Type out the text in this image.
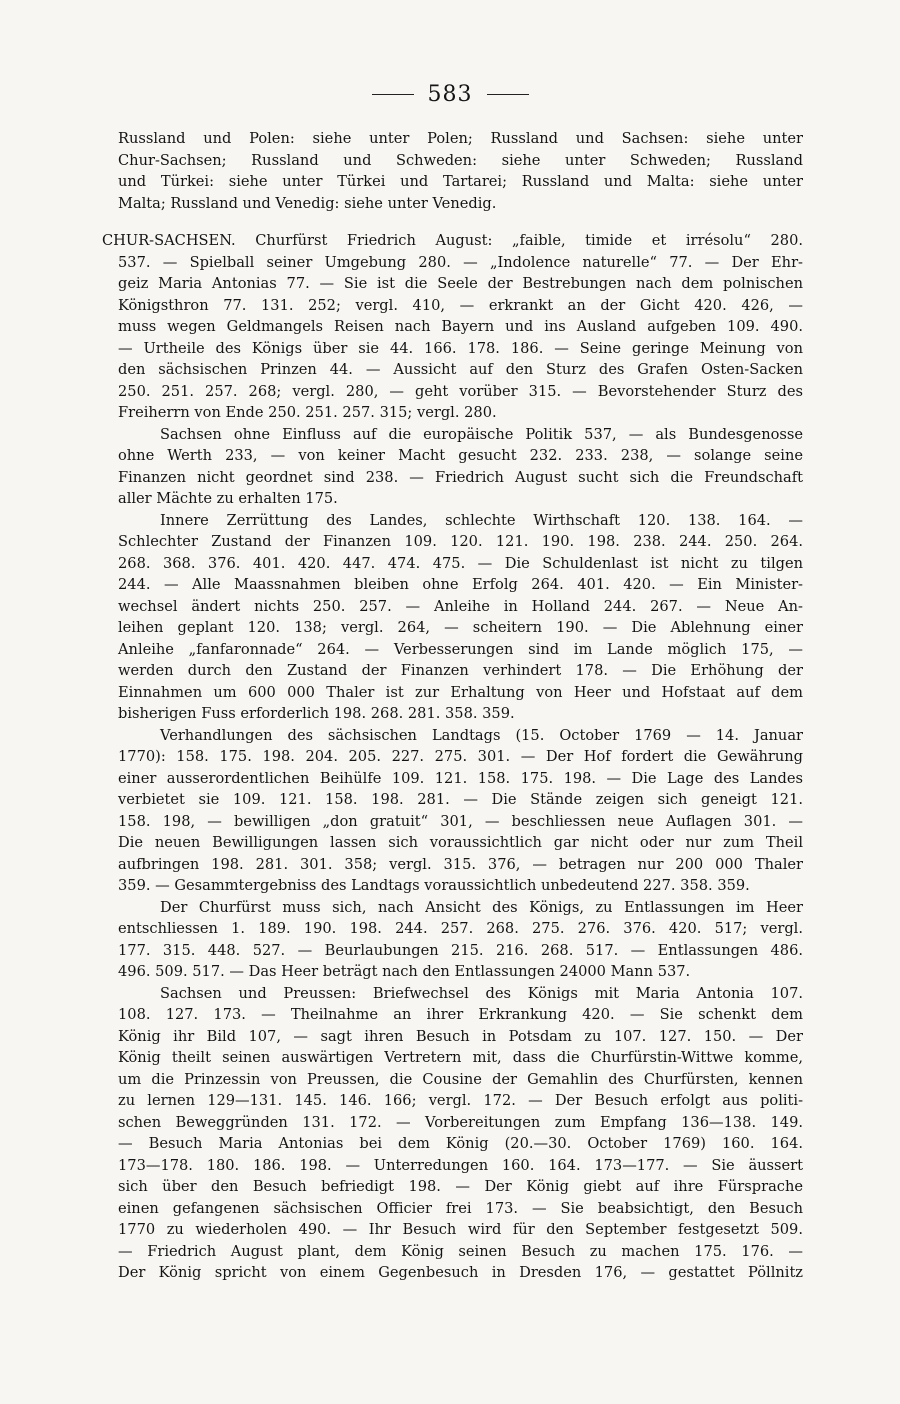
583
Russland und Polen: siehe unter Polen; Russland und Sachsen: siehe unter
Chur-Sachsen; Russland und Schweden: siehe unter Schweden; Russland
und Türkei: siehe unter Türkei und Tartarei; Russland und Malta: siehe unter
Malta; Russland und Venedig: siehe unter Venedig.
CHUR-SACHSEN. Churfürst Friedrich August: „faible, timide et irrésolu“ 280.
537. — Spielball seiner Umgebung 280. — „Indolence naturelle“ 77. — Der Ehr-
geiz Maria Antonias 77. — Sie ist die Seele der Bestrebungen nach dem polnischen
Königsthron 77. 131. 252; vergl. 410, — erkrankt an der Gicht 420. 426, —
muss wegen Geldmangels Reisen nach Bayern und ins Ausland aufgeben 109. 490.
— Urtheile des Königs über sie 44. 166. 178. 186. — Seine geringe Meinung von
den sächsischen Prinzen 44. — Aussicht auf den Sturz des Grafen Osten-Sacken
250. 251. 257. 268; vergl. 280, — geht vorüber 315. — Bevorstehender Sturz des
Freiherrn von Ende 250. 251. 257. 315; vergl. 280.
Sachsen ohne Einfluss auf die europäische Politik 537, — als Bundesgenosse
ohne Werth 233, — von keiner Macht gesucht 232. 233. 238, — solange seine
Finanzen nicht geordnet sind 238. — Friedrich August sucht sich die Freundschaft
aller Mächte zu erhalten 175.
Innere Zerrüttung des Landes, schlechte Wirthschaft 120. 138. 164. —
Schlechter Zustand der Finanzen 109. 120. 121. 190. 198. 238. 244. 250. 264.
268. 368. 376. 401. 420. 447. 474. 475. — Die Schuldenlast ist nicht zu tilgen
244. — Alle Maassnahmen bleiben ohne Erfolg 264. 401. 420. — Ein Minister-
wechsel ändert nichts 250. 257. — Anleihe in Holland 244. 267. — Neue An-
leihen geplant 120. 138; vergl. 264, — scheitern 190. — Die Ablehnung einer
Anleihe „fanfaronnade“ 264. — Verbesserungen sind im Lande möglich 175, —
werden durch den Zustand der Finanzen verhindert 178. — Die Erhöhung der
Einnahmen um 600 000 Thaler ist zur Erhaltung von Heer und Hofstaat auf dem
bisherigen Fuss erforderlich 198. 268. 281. 358. 359.
Verhandlungen des sächsischen Landtags (15. October 1769 — 14. Januar
1770): 158. 175. 198. 204. 205. 227. 275. 301. — Der Hof fordert die Gewährung
einer ausserordentlichen Beihülfe 109. 121. 158. 175. 198. — Die Lage des Landes
verbietet sie 109. 121. 158. 198. 281. — Die Stände zeigen sich geneigt 121.
158. 198, — bewilligen „don gratuit“ 301, — beschliessen neue Auflagen 301. —
Die neuen Bewilligungen lassen sich voraussichtlich gar nicht oder nur zum Theil
aufbringen 198. 281. 301. 358; vergl. 315. 376, — betragen nur 200 000 Thaler
359. — Gesammtergebniss des Landtags voraussichtlich unbedeutend 227. 358. 359.
Der Churfürst muss sich, nach Ansicht des Königs, zu Entlassungen im Heer
entschliessen 1. 189. 190. 198. 244. 257. 268. 275. 276. 376. 420. 517; vergl.
177. 315. 448. 527. — Beurlaubungen 215. 216. 268. 517. — Entlassungen 486.
496. 509. 517. — Das Heer beträgt nach den Entlassungen 24000 Mann 537.
Sachsen und Preussen: Briefwechsel des Königs mit Maria Antonia 107.
108. 127. 173. — Theilnahme an ihrer Erkrankung 420. — Sie schenkt dem
König ihr Bild 107, — sagt ihren Besuch in Potsdam zu 107. 127. 150. — Der
König theilt seinen auswärtigen Vertretern mit, dass die Churfürstin-Wittwe komme,
um die Prinzessin von Preussen, die Cousine der Gemahlin des Churfürsten, kennen
zu lernen 129—131. 145. 146. 166; vergl. 172. — Der Besuch erfolgt aus politi-
schen Beweggründen 131. 172. — Vorbereitungen zum Empfang 136—138. 149.
— Besuch Maria Antonias bei dem König (20.—30. October 1769) 160. 164.
173—178. 180. 186. 198. — Unterredungen 160. 164. 173—177. — Sie äussert
sich über den Besuch befriedigt 198. — Der König giebt auf ihre Fürsprache
einen gefangenen sächsischen Officier frei 173. — Sie beabsichtigt, den Besuch
1770 zu wiederholen 490. — Ihr Besuch wird für den September festgesetzt 509.
— Friedrich August plant, dem König seinen Besuch zu machen 175. 176. —
Der König spricht von einem Gegenbesuch in Dresden 176, — gestattet Pöllnitz
